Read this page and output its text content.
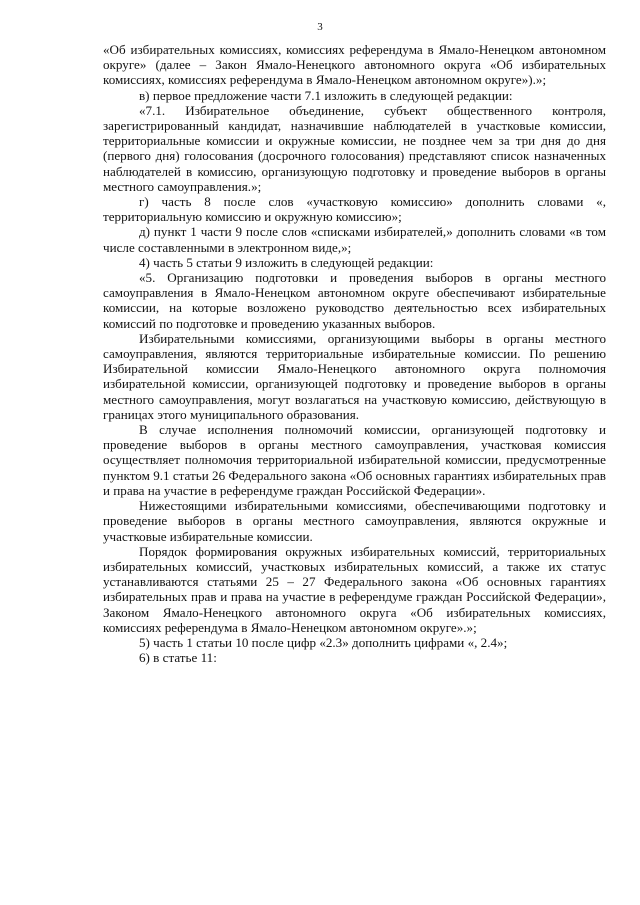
3

«Об избирательных комиссиях, комиссиях референдума в Ямало-Ненецком автономном округе» (далее – Закон Ямало-Ненецкого автономного округа «Об избирательных комиссиях, комиссиях референдума в Ямало-Ненецком автономном округе»).»;

в) первое предложение части 7.1 изложить в следующей редакции:

«7.1. Избирательное объединение, субъект общественного контроля, зарегистрированный кандидат, назначившие наблюдателей в участковые комиссии, территориальные комиссии и окружные комиссии, не позднее чем за три дня до дня (первого дня) голосования (досрочного голосования) представляют список назначенных наблюдателей в комиссию, организующую подготовку и проведение выборов в органы местного самоуправления.»;

г) часть 8 после слов «участковую комиссию» дополнить словами «, территориальную комиссию и окружную комиссию»;

д) пункт 1 части 9 после слов «списками избирателей,» дополнить словами «в том числе составленными в электронном виде,»;

4) часть 5 статьи 9 изложить в следующей редакции:

«5. Организацию подготовки и проведения выборов в органы местного самоуправления в Ямало-Ненецком автономном округе обеспечивают избирательные комиссии, на которые возложено руководство деятельностью всех избирательных комиссий по подготовке и проведению указанных выборов.

Избирательными комиссиями, организующими выборы в органы местного самоуправления, являются территориальные избирательные комиссии. По решению Избирательной комиссии Ямало-Ненецкого автономного округа полномочия избирательной комиссии, организующей подготовку и проведение выборов в органы местного самоуправления, могут возлагаться на участковую комиссию, действующую в границах этого муниципального образования.

В случае исполнения полномочий комиссии, организующей подготовку и проведение выборов в органы местного самоуправления, участковая комиссия осуществляет полномочия территориальной избирательной комиссии, предусмотренные пунктом 9.1 статьи 26 Федерального закона «Об основных гарантиях избирательных прав и права на участие в референдуме граждан Российской Федерации».

Нижестоящими избирательными комиссиями, обеспечивающими подготовку и проведение выборов в органы местного самоуправления, являются окружные и участковые избирательные комиссии.

Порядок формирования окружных избирательных комиссий, территориальных избирательных комиссий, участковых избирательных комиссий, а также их статус устанавливаются статьями 25 – 27 Федерального закона «Об основных гарантиях избирательных прав и права на участие в референдуме граждан Российской Федерации», Законом Ямало-Ненецкого автономного округа «Об избирательных комиссиях, комиссиях референдума в Ямало-Ненецком автономном округе».»;

5) часть 1 статьи 10 после цифр «2.3» дополнить цифрами «, 2.4»;

6) в статье 11:
